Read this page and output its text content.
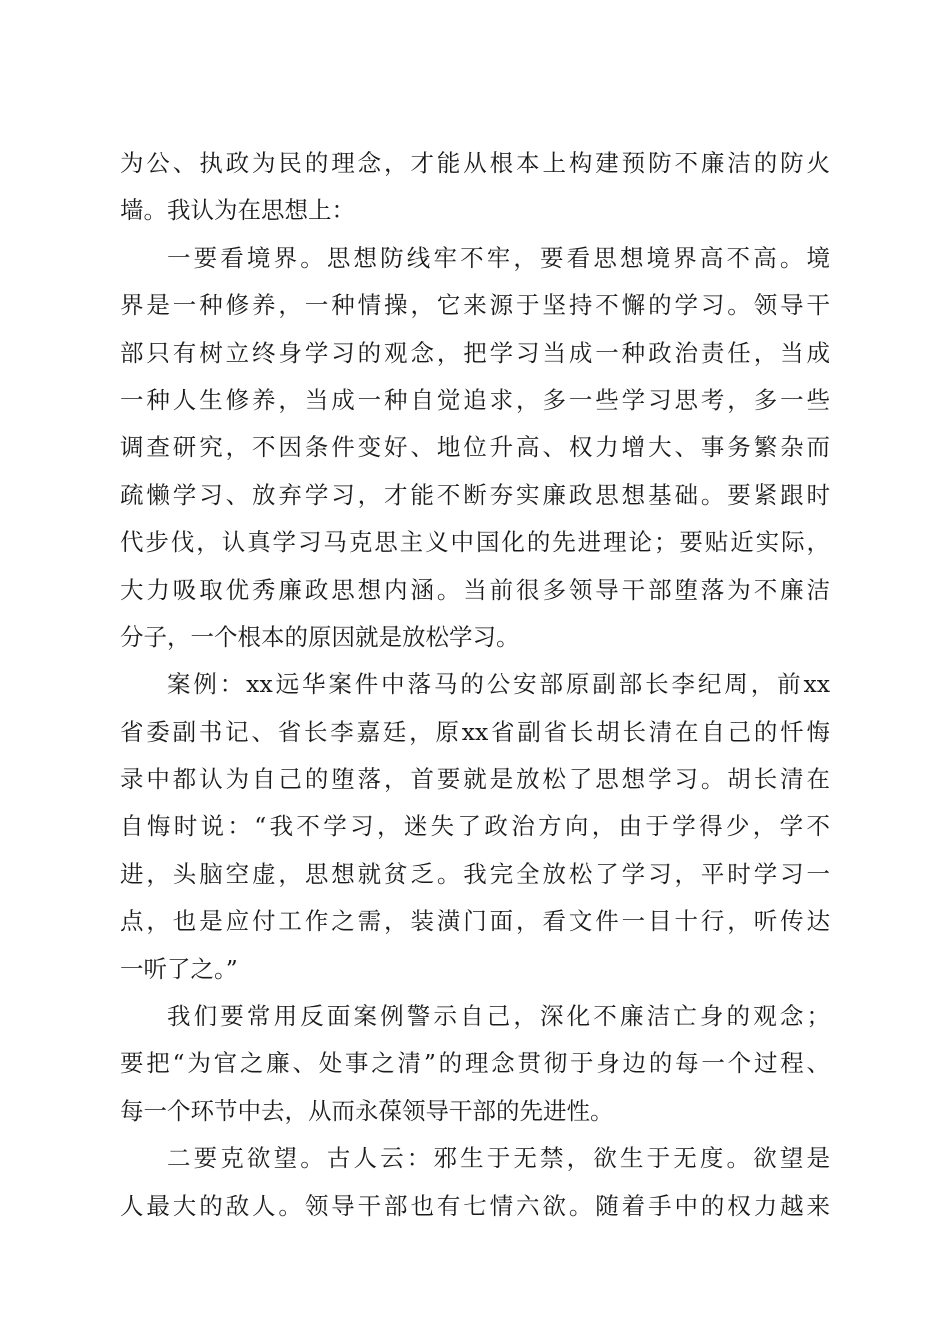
为公、执政为民的理念，才能从根本上构建预防不廉洁的防火
墙。我认为在思想上：
一要看境界。思想防线牢不牢，要看思想境界高不高。境
界是一种修养，一种情操，它来源于坚持不懈的学习。领导干
部只有树立终身学习的观念，把学习当成一种政治责任，当成
一种人生修养，当成一种自觉追求，多一些学习思考，多一些
调查研究，不因条件变好、地位升高、权力增大、事务繁杂而
疏懒学习、放弃学习，才能不断夯实廉政思想基础。要紧跟时
代步伐，认真学习马克思主义中国化的先进理论；要贴近实际，
大力吸取优秀廉政思想内涵。当前很多领导干部堕落为不廉洁
分子，一个根本的原因就是放松学习。
案例：xx远华案件中落马的公安部原副部长李纪周，前xx
省委副书记、省长李嘉廷，原xx省副省长胡长清在自己的忏悔
录中都认为自己的堕落，首要就是放松了思想学习。胡长清在
自悔时说：“我不学习，迷失了政治方向，由于学得少，学不
进，头脑空虚，思想就贫乏。我完全放松了学习，平时学习一
点，也是应付工作之需，装潢门面，看文件一目十行，听传达
一听了之。”
我们要常用反面案例警示自己，深化不廉洁亡身的观念；
要把“为官之廉、处事之清”的理念贯彻于身边的每一个过程、
每一个环节中去，从而永葆领导干部的先进性。
二要克欲望。古人云：邪生于无禁，欲生于无度。欲望是
人最大的敌人。领导干部也有七情六欲。随着手中的权力越来
